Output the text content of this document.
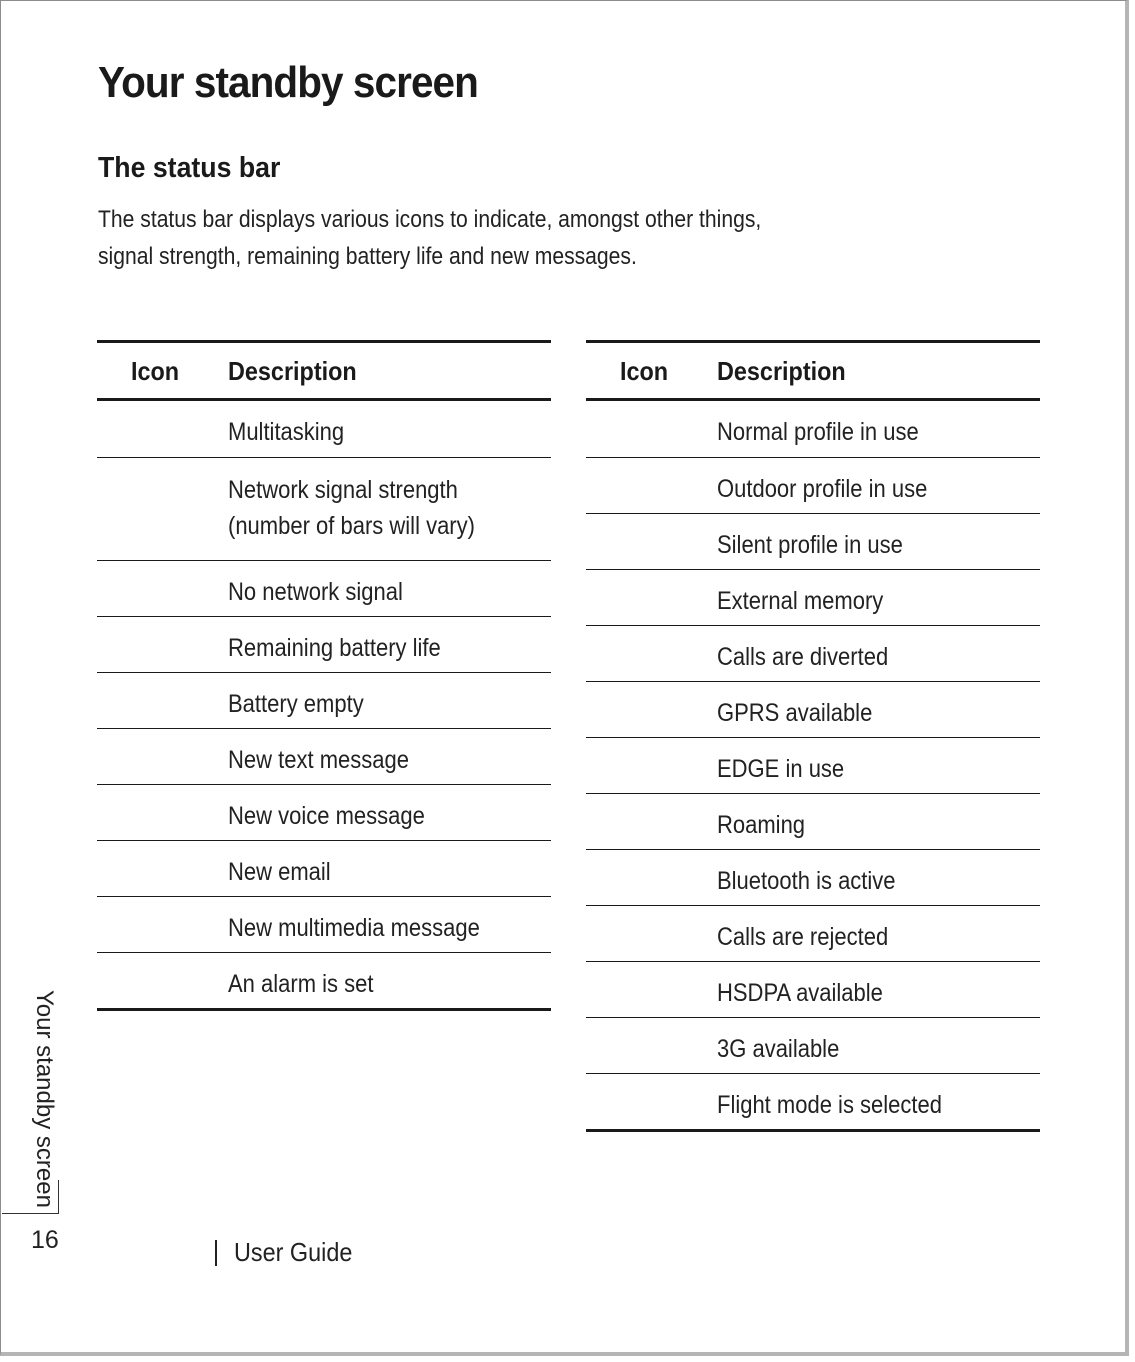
Your standby screen
The status bar

The status bar displays various icons to indicate, amongst other things,
signal strength, remaining battery life and new messages.

Icon Description
Multitasking
Network signal strength
(number of bars will vary)
No network signal
Remaining battery life
Battery empty
New text message
New voice message
New email
New multimedia message
An alarm is set
Icon Description
Normal profile in use
Outdoor profile in use
Silent profile in use
External memory
Calls are diverted
GPRS available
EDGE in use
Roaming
Bluetooth is active
Calls are rejected
HSDPA available
3G available
Flight mode is selected
Your standby screen
16	User Guide
